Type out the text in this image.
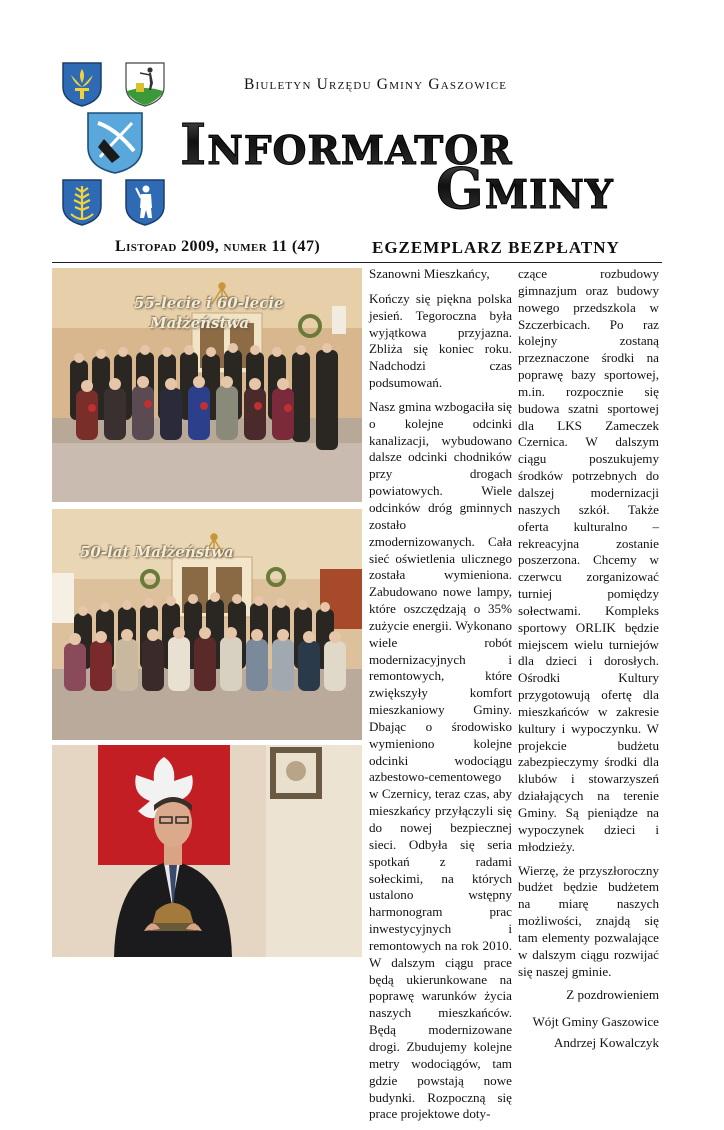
Biuletyn Urzędu Gminy Gaszowice
Informator
Gminy
Listopad 2009, numer 11 (47)	EGZEMPLARZ BEZPŁATNY
55-lecie i 60-lecie
Małżeństwa
50-lat Małżeństwa

Szanowni Mieszkańcy,

Kończy się piękna polska jesień. Tegoroczna była wyjątkowa przyjazna. Zbliża się koniec roku. Nadchodzi czas podsumowań.

Nasz gmina wzbogaciła się o kolejne odcinki kanalizacji, wybudowano dalsze odcinki chodników przy drogach powiatowych. Wiele odcinków dróg gminnych zostało zmodernizowanych. Cała sieć oświetlenia ulicznego została wymieniona. Zabudowano nowe lampy, które oszczędzają o 35% zużycie energii. Wykonano wiele robót modernizacyjnych i remontowych, które zwiększyły komfort mieszkaniowy Gminy. Dbając o środowisko wymieniono kolejne odcinki wodociągu azbestowo-cementowego w Czernicy, teraz czas, aby mieszkańcy przyłączyli się do nowej bezpiecznej sieci. Odbyła się seria spotkań z radami sołeckimi, na których ustalono wstępny harmonogram prac inwestycyjnych i remontowych na rok 2010. W dalszym ciągu prace będą ukierunkowane na poprawę warunków życia naszych mieszkańców. Będą modernizowane drogi. Zbudujemy kolejne metry wodociągów, tam gdzie powstają nowe budynki. Rozpoczną się prace projektowe doty-

czące rozbudowy gimnazjum oraz budowy nowego przedszkola w Szczerbicach. Po raz kolejny zostaną przeznaczone środki na poprawę bazy sportowej, m.in. rozpocznie się budowa szatni sportowej dla LKS Zameczek Czernica. W dalszym ciągu poszukujemy środków potrzebnych do dalszej modernizacji naszych szkół. Także oferta kulturalno – rekreacyjna zostanie poszerzona. Chcemy w czerwcu zorganizować turniej pomiędzy sołectwami. Kompleks sportowy ORLIK będzie miejscem wielu turniejów dla dzieci i dorosłych. Ośrodki Kultury przygotowują ofertę dla mieszkańców w zakresie kultury i wypoczynku. W projekcie budżetu zabezpieczymy środki dla klubów i stowarzyszeń działających na terenie Gminy. Są pieniądze na wypoczynek dzieci i młodzieży.

Wierzę, że przyszłoroczny budżet będzie budżetem na miarę naszych możliwości, znajdą się tam elementy pozwalające w dalszym ciągu rozwijać się naszej gminie.

Z pozdrowieniem

Wójt Gminy Gaszowice

Andrzej Kowalczyk
